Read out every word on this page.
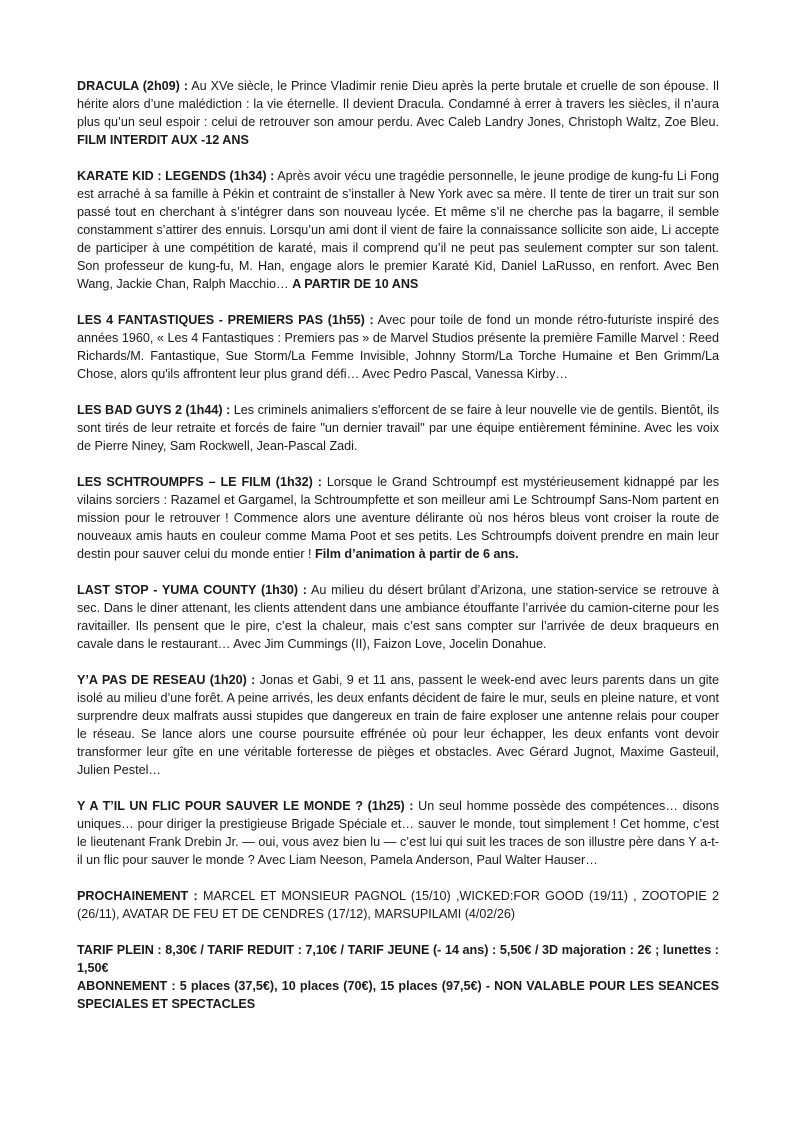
DRACULA (2h09) : Au XVe siècle, le Prince Vladimir renie Dieu après la perte brutale et cruelle de son épouse. Il hérite alors d’une malédiction : la vie éternelle. Il devient Dracula. Condamné à errer à travers les siècles, il n’aura plus qu’un seul espoir : celui de retrouver son amour perdu. Avec Caleb Landry Jones, Christoph Waltz, Zoe Bleu. FILM INTERDIT AUX -12 ANS

KARATE KID : LEGENDS (1h34) : Après avoir vécu une tragédie personnelle, le jeune prodige de kung-fu Li Fong est arraché à sa famille à Pékin et contraint de s’installer à New York avec sa mère. Il tente de tirer un trait sur son passé tout en cherchant à s’intégrer dans son nouveau lycée. Et même s’il ne cherche pas la bagarre, il semble constamment s’attirer des ennuis. Lorsqu’un ami dont il vient de faire la connaissance sollicite son aide, Li accepte de participer à une compétition de karaté, mais il comprend qu’il ne peut pas seulement compter sur son talent. Son professeur de kung-fu, M. Han, engage alors le premier Karaté Kid, Daniel LaRusso, en renfort. Avec Ben Wang, Jackie Chan, Ralph Macchio… A PARTIR DE 10 ANS

LES 4 FANTASTIQUES - PREMIERS PAS (1h55) : Avec pour toile de fond un monde rétro-futuriste inspiré des années 1960, « Les 4 Fantastiques : Premiers pas » de Marvel Studios présente la première Famille Marvel : Reed Richards/M. Fantastique, Sue Storm/La Femme Invisible, Johnny Storm/La Torche Humaine et Ben Grimm/La Chose, alors qu'ils affrontent leur plus grand défi… Avec Pedro Pascal, Vanessa Kirby…

LES BAD GUYS 2 (1h44) : Les criminels animaliers s'efforcent de se faire à leur nouvelle vie de gentils. Bientôt, ils sont tirés de leur retraite et forcés de faire "un dernier travail" par une équipe entièrement féminine. Avec les voix de Pierre Niney, Sam Rockwell, Jean-Pascal Zadi.

LES SCHTROUMPFS – LE FILM (1h32) : Lorsque le Grand Schtroumpf est mystérieusement kidnappé par les vilains sorciers : Razamel et Gargamel, la Schtroumpfette et son meilleur ami Le Schtroumpf Sans-Nom partent en mission pour le retrouver ! Commence alors une aventure délirante où nos héros bleus vont croiser la route de nouveaux amis hauts en couleur comme Mama Poot et ses petits. Les Schtroumpfs doivent prendre en main leur destin pour sauver celui du monde entier ! Film d’animation à partir de 6 ans.

LAST STOP - YUMA COUNTY (1h30) : Au milieu du désert brûlant d’Arizona, une station-service se retrouve à sec. Dans le diner attenant, les clients attendent dans une ambiance étouffante l’arrivée du camion-citerne pour les ravitailler. Ils pensent que le pire, c’est la chaleur, mais c’est sans compter sur l’arrivée de deux braqueurs en cavale dans le restaurant… Avec Jim Cummings (II), Faizon Love, Jocelin Donahue.

Y’A PAS DE RESEAU (1h20) : Jonas et Gabi, 9 et 11 ans, passent le week-end avec leurs parents dans un gite isolé au milieu d’une forêt. A peine arrivés, les deux enfants décident de faire le mur, seuls en pleine nature, et vont surprendre deux malfrats aussi stupides que dangereux en train de faire exploser une antenne relais pour couper le réseau. Se lance alors une course poursuite effrénée où pour leur échapper, les deux enfants vont devoir transformer leur gîte en une véritable forteresse de pièges et obstacles. Avec Gérard Jugnot, Maxime Gasteuil, Julien Pestel…

Y A T’IL UN FLIC POUR SAUVER LE MONDE ? (1h25) : Un seul homme possède des compétences… disons uniques… pour diriger la prestigieuse Brigade Spéciale et… sauver le monde, tout simplement ! Cet homme, c’est le lieutenant Frank Drebin Jr. — oui, vous avez bien lu — c’est lui qui suit les traces de son illustre père dans Y a-t-il un flic pour sauver le monde ? Avec Liam Neeson, Pamela Anderson, Paul Walter Hauser…

PROCHAINEMENT : MARCEL ET MONSIEUR PAGNOL (15/10) ,WICKED:FOR GOOD (19/11) , ZOOTOPIE 2 (26/11), AVATAR DE FEU ET DE CENDRES (17/12), MARSUPILAMI (4/02/26)

TARIF PLEIN : 8,30€ / TARIF REDUIT : 7,10€ / TARIF JEUNE (- 14 ans) : 5,50€ / 3D majoration : 2€ ; lunettes : 1,50€

ABONNEMENT : 5 places (37,5€), 10 places (70€), 15 places (97,5€) - NON VALABLE POUR LES SEANCES SPECIALES ET SPECTACLES
